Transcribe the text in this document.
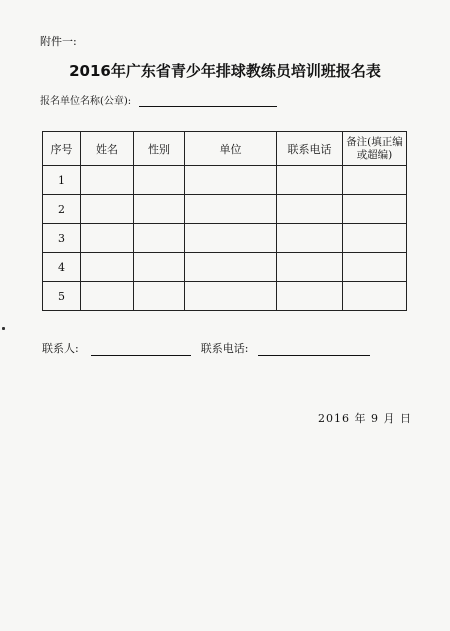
附件一:
2016年广东省青少年排球教练员培训班报名表
报名单位名称(公章):
序号	姓名	性别	单位	联系电话	备注(填正编或超编)
1					
2					
3					
4					
5					
联系人:	联系电话:
2016 年 9 月 日
